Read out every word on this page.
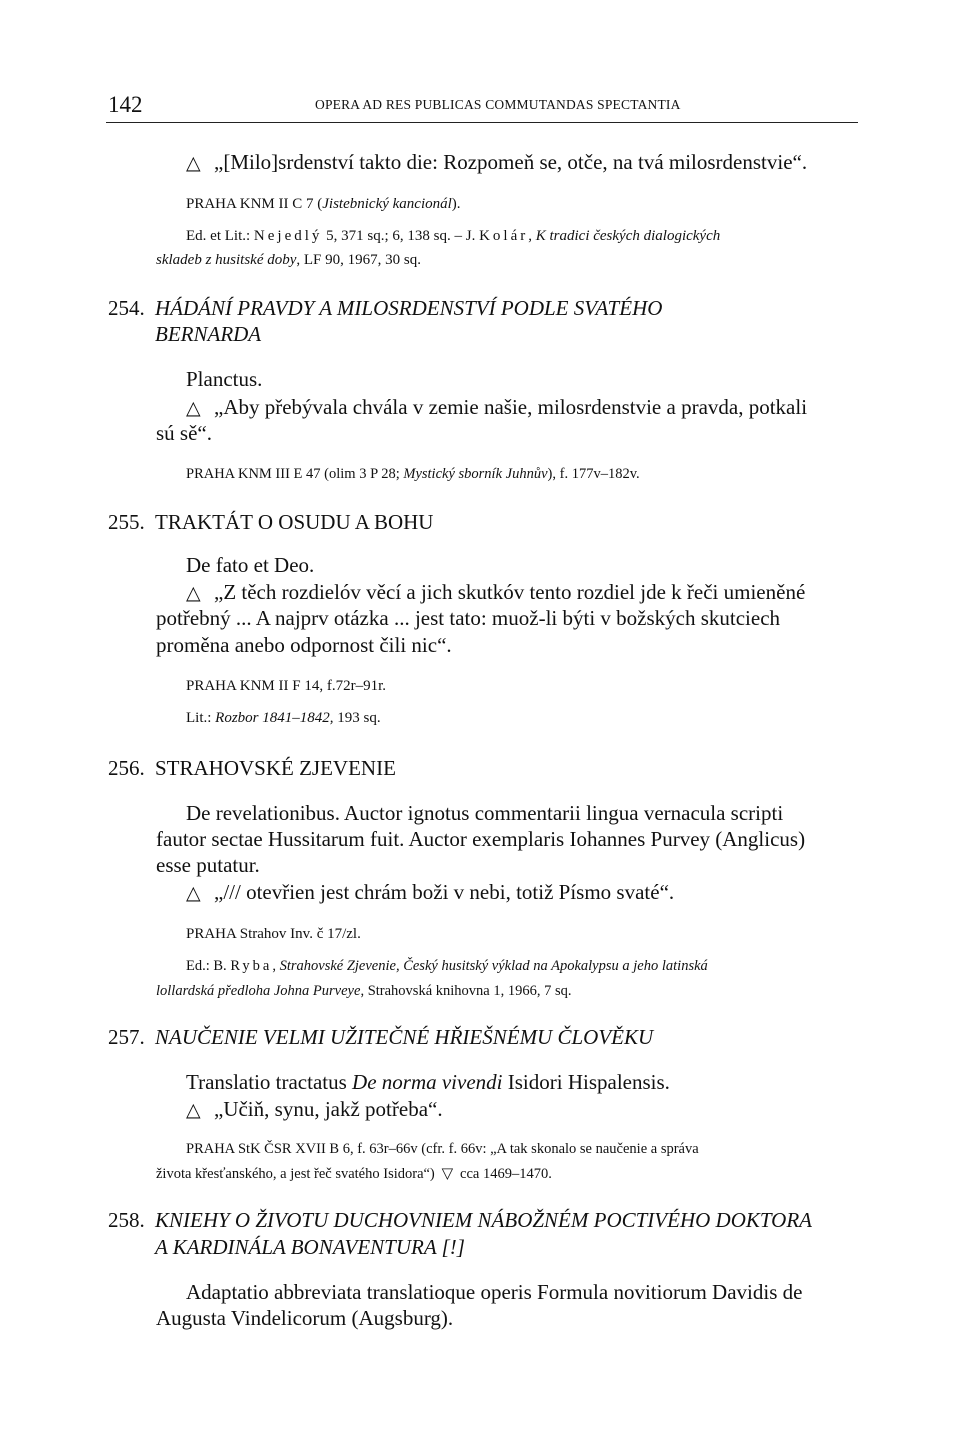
142	OPERA AD RES PUBLICAS COMMUTANDAS SPECTANTIA
△ „[Milo]srdenství takto die: Rozpomeň se, otče, na tvá milosrdenstvie“.
PRAHA KNM II C 7 (Jistebnický kancionál).
Ed. et Lit.: Nejedlý 5, 371 sq.; 6, 138 sq. – J. Kolár, K tradici českých dialogických
skladeb z husitské doby, LF 90, 1967, 30 sq.
254. HÁDÁNÍ PRAVDY A MILOSRDENSTVÍ PODLE SVATÉHO
BERNARDA
Planctus.
△ „Aby přebývala chvála v zemie našie, milosrdenstvie a pravda, potkali
sú sě“.
PRAHA KNM III E 47 (olim 3 P 28; Mystický sborník Juhnův), f. 177v–182v.
255. TRAKTÁT O OSUDU A BOHU
De fato et Deo.
△ „Z těch rozdielóv věcí a jich skutkóv tento rozdiel jde k řeči umieněné
potřebný ... A najprv otázka ... jest tato: muož-li býti v božských skutciech
proměna anebo odpornost čili nic“.
PRAHA KNM II F 14, f.72r–91r.
Lit.: Rozbor 1841–1842, 193 sq.
256. STRAHOVSKÉ ZJEVENIE
De revelationibus. Auctor ignotus commentarii lingua vernacula scripti
fautor sectae Hussitarum fuit. Auctor exemplaris Iohannes Purvey (Anglicus)
esse putatur.
△ „/// otevřien jest chrám boži v nebi, totiž Písmo svaté“.
PRAHA Strahov Inv. č 17/zl.
Ed.: B. Ryba, Strahovské Zjevenie, Český husitský výklad na Apokalypsu a jeho latinská
lollardská předloha Johna Purveye, Strahovská knihovna 1, 1966, 7 sq.
257. NAUČENIE VELMI UŽITEČNÉ HŘIEŠNÉMU ČLOVĚKU
Translatio tractatus De norma vivendi Isidori Hispalensis.
△ „Učiň, synu, jakž potřeba“.
PRAHA StK ČSR XVII B 6, f. 63r–66v (cfr. f. 66v: „A tak skonalo se naučenie a správa
života křesťanského, a jest řeč svatého Isidora“) ▽ cca 1469–1470.
258. KNIEHY O ŽIVOTU DUCHOVNIEM NÁBOŽNÉM POCTIVÉHO DOKTORA
A KARDINÁLA BONAVENTURA [!]
Adaptatio abbreviata translatioque operis Formula novitiorum Davidis de
Augusta Vindelicorum (Augsburg).
